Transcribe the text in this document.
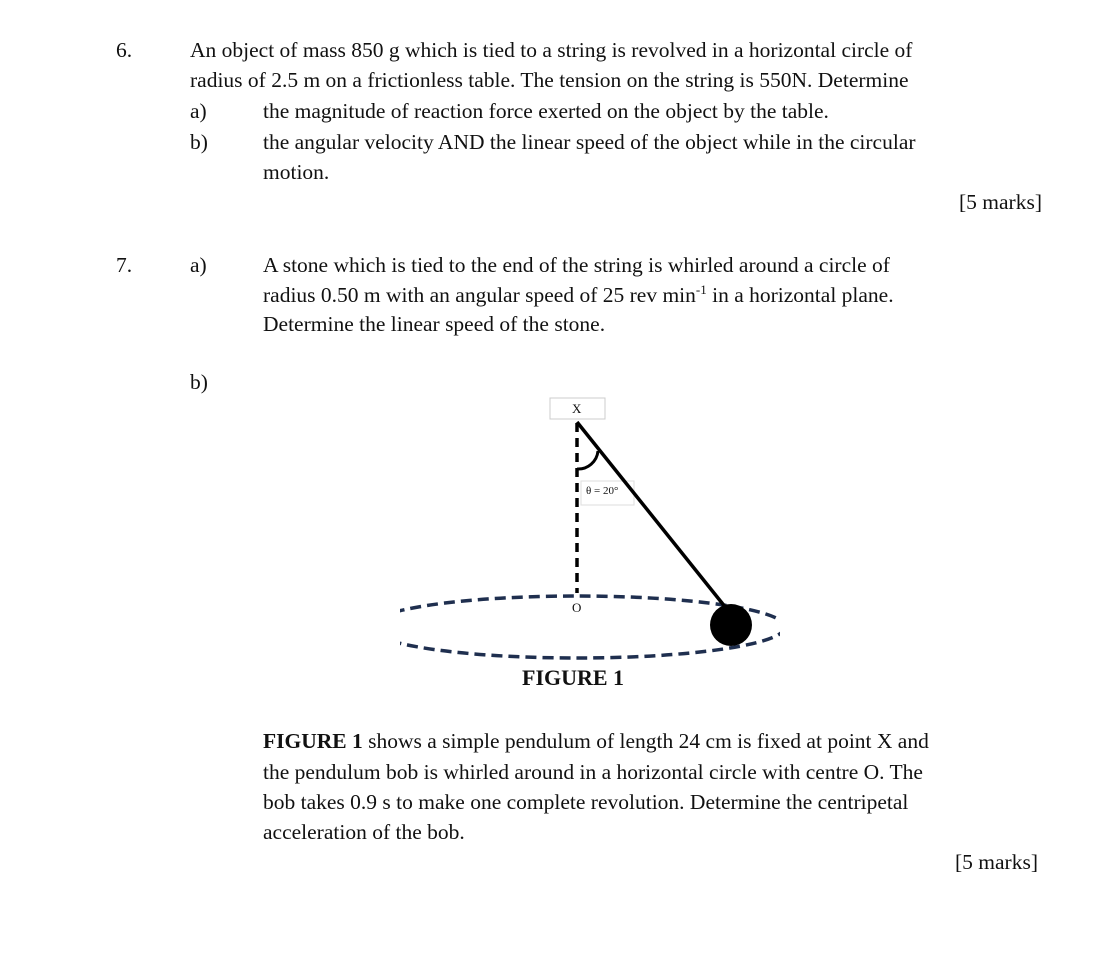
6.	An object of mass 850 g which is tied to a string is revolved in a horizontal circle of
radius of 2.5 m on a frictionless table. The tension on the string is 550N. Determine
a)	the magnitude of reaction force exerted on the object by the table.
b)	the angular velocity AND the linear speed of the object while in the circular
motion.
[5 marks]
7.	a)	A stone which is tied to the end of the string is whirled around a circle of
radius 0.50 m with an angular speed of 25 rev $\min^{-1}$ in a horizontal plane.
Determine the linear speed of the stone.
b)
X
θ = 20°
O
FIGURE 1
FIGURE 1 shows a simple pendulum of length 24 cm is fixed at point X and
the pendulum bob is whirled around in a horizontal circle with centre O. The
bob takes 0.9 s to make one complete revolution. Determine the centripetal
acceleration of the bob.
[5 marks]
